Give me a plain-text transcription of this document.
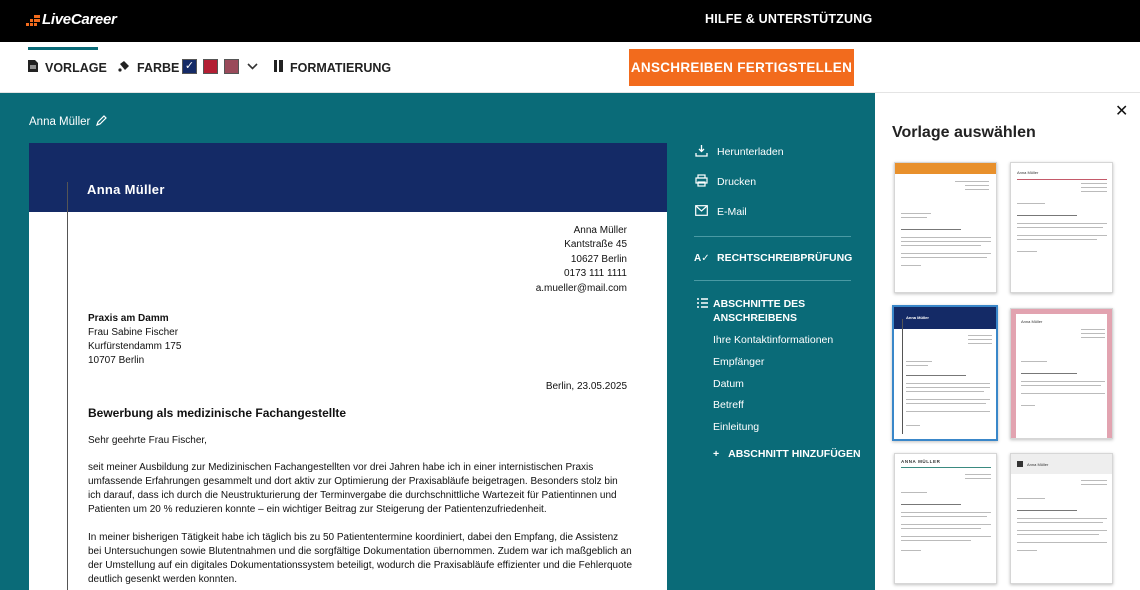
LiveCareer	HILFE & UNTERSTÜTZUNG
VORLAGE FARBE	FORMATIERUNG
✓	ANSCHREIBEN FERTIGSTELLEN
Anna Müller
Anna Müller
Anna Müller
Kantstraße 45
10627 Berlin
0173 111 1111
a.mueller@mail.com
Praxis am Damm
Frau Sabine Fischer
Kurfürstendamm 175
10707 Berlin
Berlin, 23.05.2025
Bewerbung als medizinische Fachangestellte
Sehr geehrte Frau Fischer,
seit meiner Ausbildung zur Medizinischen Fachangestellten vor drei Jahren habe ich in einer internistischen Praxis umfassende Erfahrungen gesammelt und dort aktiv zur Optimierung der Praxisabläufe beigetragen. Besonders stolz bin ich darauf, dass ich durch die Neustrukturierung der Terminvergabe die durchschnittliche Wartezeit für Patientinnen und Patienten um 20 % reduzieren konnte – ein wichtiger Beitrag zur Steigerung der Patientenzufriedenheit.
In meiner bisherigen Tätigkeit habe ich täglich bis zu 50 Patiententermine koordiniert, dabei den Empfang, die Assistenz bei Untersuchungen sowie Blutentnahmen und die sorgfältige Dokumentation übernommen. Zudem war ich maßgeblich an der Umstellung auf ein digitales Dokumentationssystem beteiligt, wodurch die Praxisabläufe effizienter und die Fehlerquote deutlich gesenkt werden konnten.
Herunterladen
Drucken
E-Mail
A✓ RECHTSCHREIBPRÜFUNG
ABSCHNITTE DES ANSCHREIBENS
Ihre Kontaktinformationen
Empfänger
Datum
Betreff
Einleitung
+ ABSCHNITT HINZUFÜGEN
✕
Vorlage auswählen
Anna Müller
Anna Müller
Anna Müller
ANNA MÜLLER
Anna Müller
